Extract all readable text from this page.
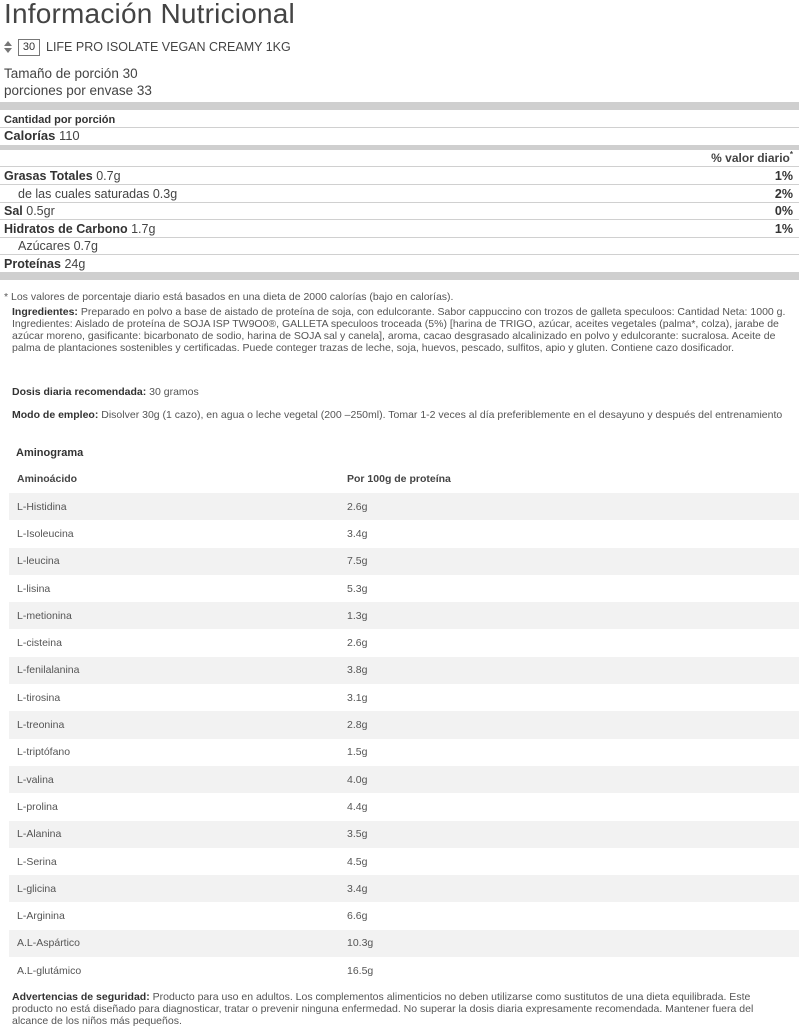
Información Nutricional
30 LIFE PRO ISOLATE VEGAN CREAMY 1KG
Tamaño de porción 30
porciones por envase 33
Cantidad por porción
Calorías 110
% valor diario*
Grasas Totales 0.7g	1%
de las cuales saturadas 0.3g	2%
Sal 0.5gr	0%
Hidratos de Carbono 1.7g	1%
Azúcares 0.7g
Proteínas 24g
* Los valores de porcentaje diario está basados en una dieta de 2000 calorías (bajo en calorías).
Ingredientes: Preparado en polvo a base de aistado de proteína de soja, con edulcorante. Sabor cappuccino con trozos de galleta speculoos: Cantidad Neta: 1000 g. Ingredientes: Aislado de proteína de SOJA ISP TW9O0®, GALLETA speculoos troceada (5%) [harina de TRIGO, azúcar, aceites vegetales (palma*, colza), jarabe de azúcar moreno, gasificante: bicarbonato de sodio, harina de SOJA sal y canela], aroma, cacao desgrasado alcalinizado en polvo y edulcorante: sucralosa. Aceite de palma de plantaciones sostenibles y certificadas. Puede conteger trazas de leche, soja, huevos, pescado, sulfitos, apio y gluten. Contiene cazo dosificador.
Dosis diaria recomendada: 30 gramos
Modo de empleo: Disolver 30g (1 cazo), en agua o leche vegetal (200 –250ml). Tomar 1-2 veces al día preferiblemente en el desayuno y después del entrenamiento
Aminograma
Aminoácido	Por 100g de proteína
L-Histidina	2.6g
L-Isoleucina	3.4g
L-leucina	7.5g
L-lisina	5.3g
L-metionina	1.3g
L-cisteina	2.6g
L-fenilalanina	3.8g
L-tirosina	3.1g
L-treonina	2.8g
L-triptófano	1.5g
L-valina	4.0g
L-prolina	4.4g
L-Alanina	3.5g
L-Serina	4.5g
L-glicina	3.4g
L-Arginina	6.6g
A.L-Aspártico	10.3g
A.L-glutámico	16.5g
Advertencias de seguridad: Producto para uso en adultos. Los complementos alimenticios no deben utilizarse como sustitutos de una dieta equilibrada. Este producto no está diseñado para diagnosticar, tratar o prevenir ninguna enfermedad. No superar la dosis diaria expresamente recomendada. Mantener fuera del alcance de los niños más pequeños.
